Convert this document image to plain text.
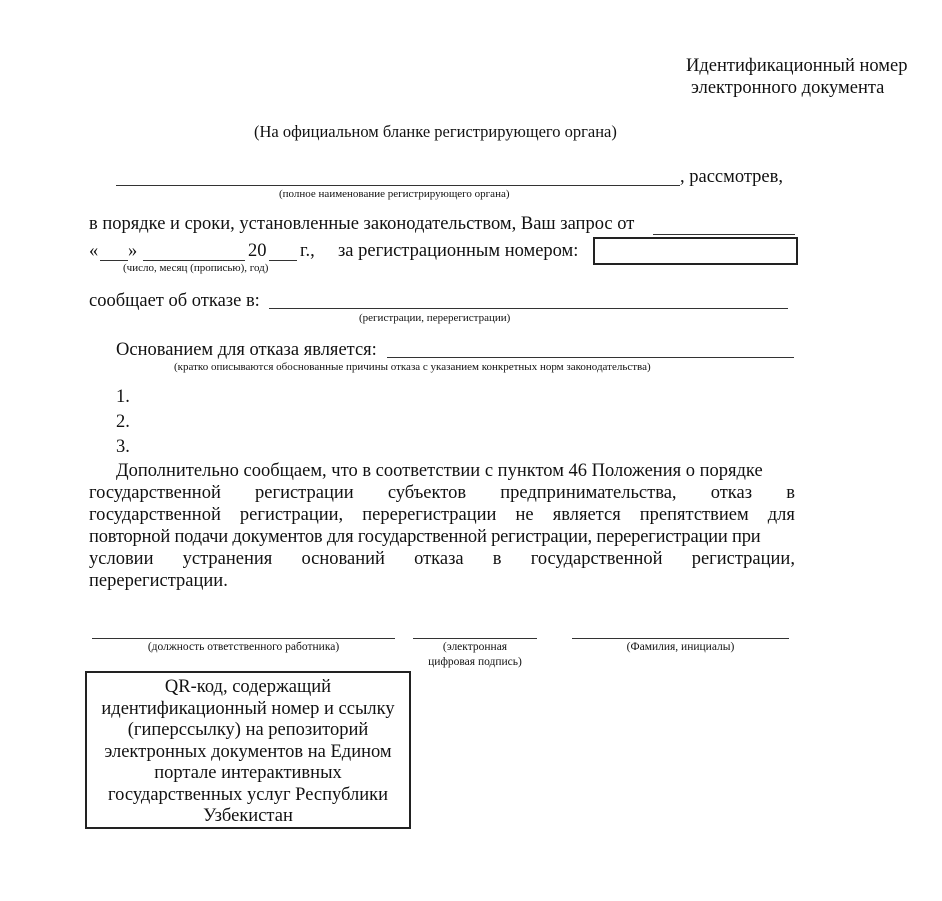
Идентификационный номер
электронного документа
(На официальном бланке регистрирующего органа)
, рассмотрев,
(полное наименование регистрирующего органа)
в порядке и сроки, установленные законодательством, Ваш запрос от
« »	20 г., за регистрационным номером:
(число, месяц (прописью), год)
сообщает об отказе в:
(регистрации, перерегистрации)
Основанием для отказа является:
(кратко описываются обоснованные причины отказа с указанием конкретных норм законодательства)
1.
2.
3.
Дополнительно сообщаем, что в соответствии с пунктом 46 Положения о порядке
государственной регистрации субъектов предпринимательства, отказ в
государственной регистрации, перерегистрации не является препятствием для
повторной подачи документов для государственной регистрации, перерегистрации при
условии устранения оснований отказа в государственной регистрации,
перерегистрации.
(должность ответственного работника)	(электронная
цифровая подпись)
(Фамилия, инициалы)
QR-код, содержащий
идентификационный номер и ссылку
(гиперссылку) на репозиторий
электронных документов на Едином
портале интерактивных
государственных услуг Республики
Узбекистан
